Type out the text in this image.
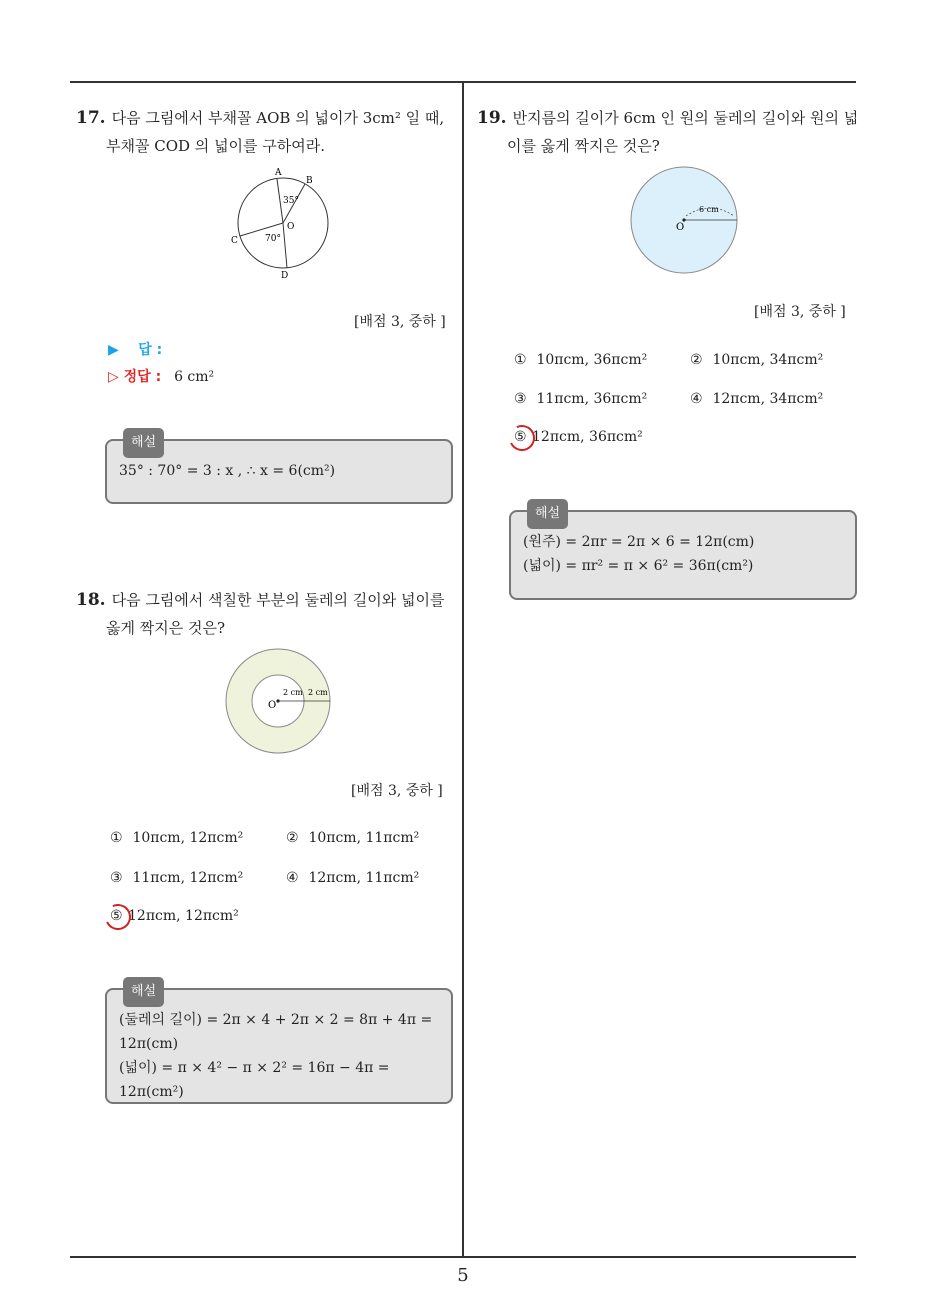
17. 다음 그림에서 부채꼴 AOB 의 넓이가 3cm² 일 때,
부채꼴 COD 의 넓이를 구하여라.
A
B
C
D
O
35°
70°
[배점 3, 중하 ]
▶ 답 :
▷ 정답 : 6 cm²
해설
35° : 70° = 3 : x , ∴ x = 6(cm²)
18. 다음 그림에서 색칠한 부분의 둘레의 길이와 넓이를
옳게 짝지은 것은?
O
2 cm 2 cm
[배점 3, 중하 ]
① 10πcm, 12πcm²	② 10πcm, 11πcm²
③ 11πcm, 12πcm²	④ 12πcm, 11πcm²
⑤ 12πcm, 12πcm²
해설
(둘레의 길이) = 2π × 4 + 2π × 2 = 8π + 4π =
12π(cm)
(넓이) = π × 4² − π × 2² = 16π − 4π = 12π(cm²)
19. 반지름의 길이가 6cm 인 원의 둘레의 길이와 원의 넓
이를 옳게 짝지은 것은?
O
6 cm
[배점 3, 중하 ]
① 10πcm, 36πcm²	② 10πcm, 34πcm²
③ 11πcm, 36πcm²	④ 12πcm, 34πcm²
⑤ 12πcm, 36πcm²
해설
(원주) = 2πr = 2π × 6 = 12π(cm)
(넓이) = πr² = π × 6² = 36π(cm²)
5
